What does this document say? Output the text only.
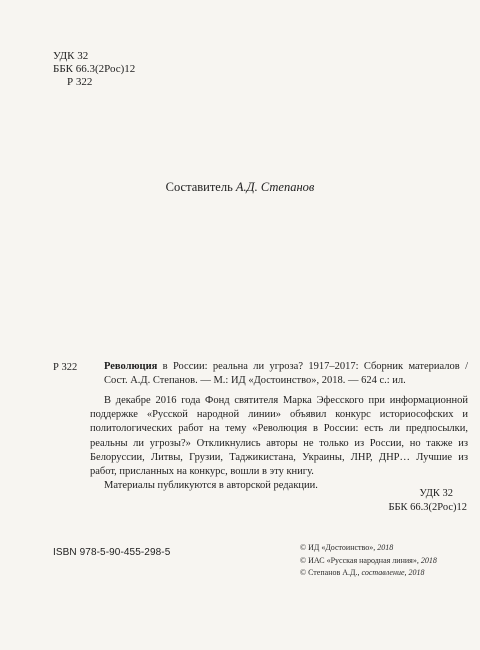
УДК 32
ББК 66.3(2Рос)12
Р 322
Составитель А.Д. Степанов
Р 322	Революция в России: реальна ли угроза? 1917–2017: Сборник материалов / Сост. А.Д. Степанов. — М.: ИД «Достоинство», 2018. — 624 с.: ил.

В декабре 2016 года Фонд святителя Марка Эфесского при информационной поддержке «Русской народной линии» объявил конкурс историософских и политологических работ на тему «Революция в России: есть ли предпосылки, реальны ли угрозы?» Откликнулись авторы не только из России, но также из Белоруссии, Литвы, Грузии, Таджикистана, Украины, ЛНР, ДНР… Лучшие из работ, присланных на конкурс, вошли в эту книгу.

Материалы публикуются в авторской редакции.

УДК 32
ББК 66.3(2Рос)12
ISBN 978-5-90-455-298-5	© ИД «Достоинство», 2018
© ИАС «Русская народная линия», 2018
© Степанов А.Д., составление, 2018
